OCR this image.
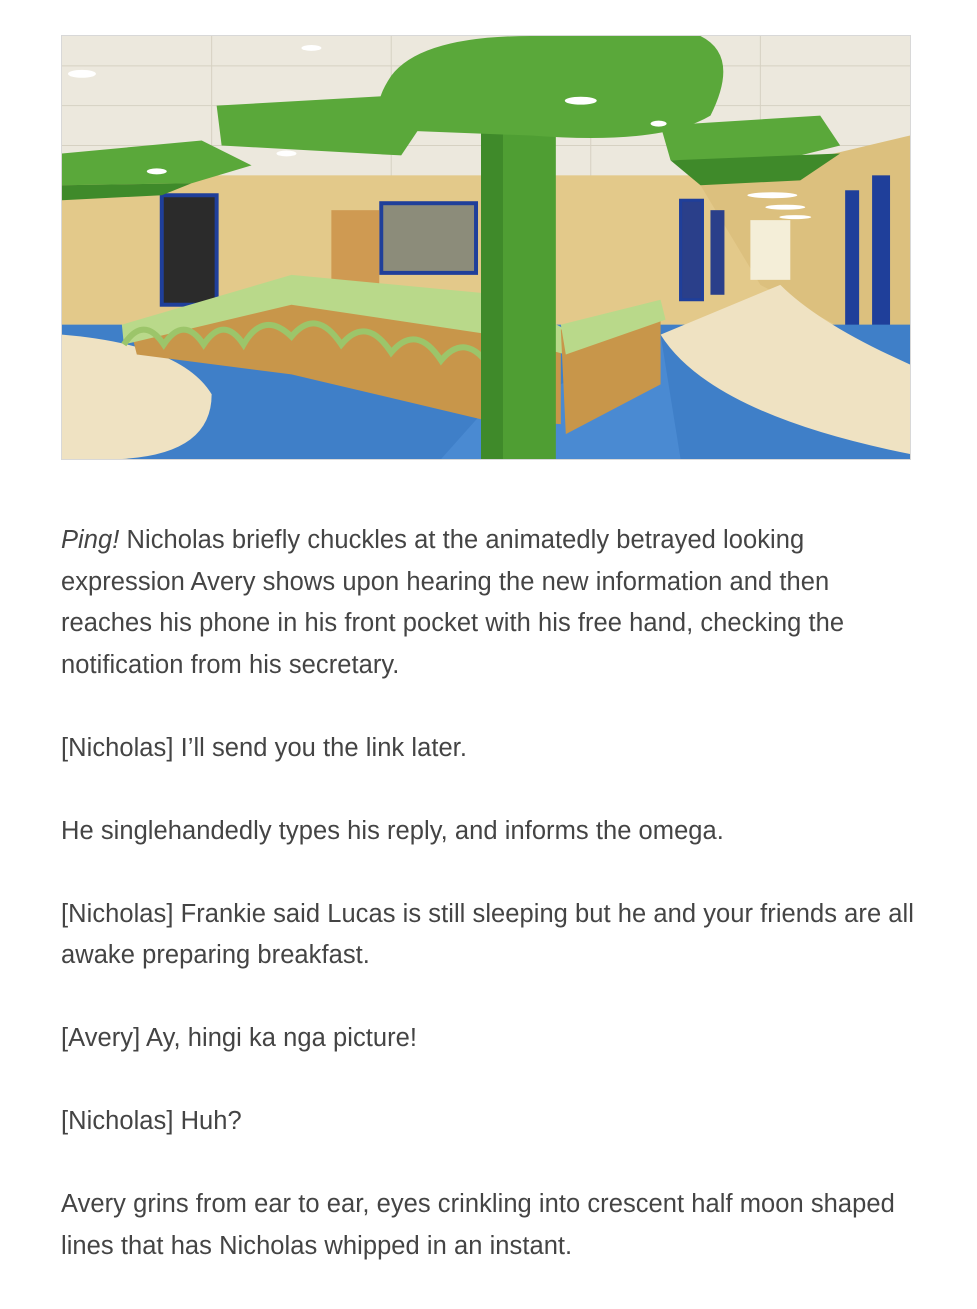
Ping! Nicholas briefly chuckles at the animatedly betrayed looking expression Avery shows upon hearing the new information and then reaches his phone in his front pocket with his free hand, checking the notification from his secretary.

[Nicholas] I’ll send you the link later.

He singlehandedly types his reply, and informs the omega.

[Nicholas] Frankie said Lucas is still sleeping but he and your friends are all awake preparing breakfast.

[Avery] Ay, hingi ka nga picture!

[Nicholas] Huh?

Avery grins from ear to ear, eyes crinkling into crescent half moon shaped lines that has Nicholas whipped in an instant.
